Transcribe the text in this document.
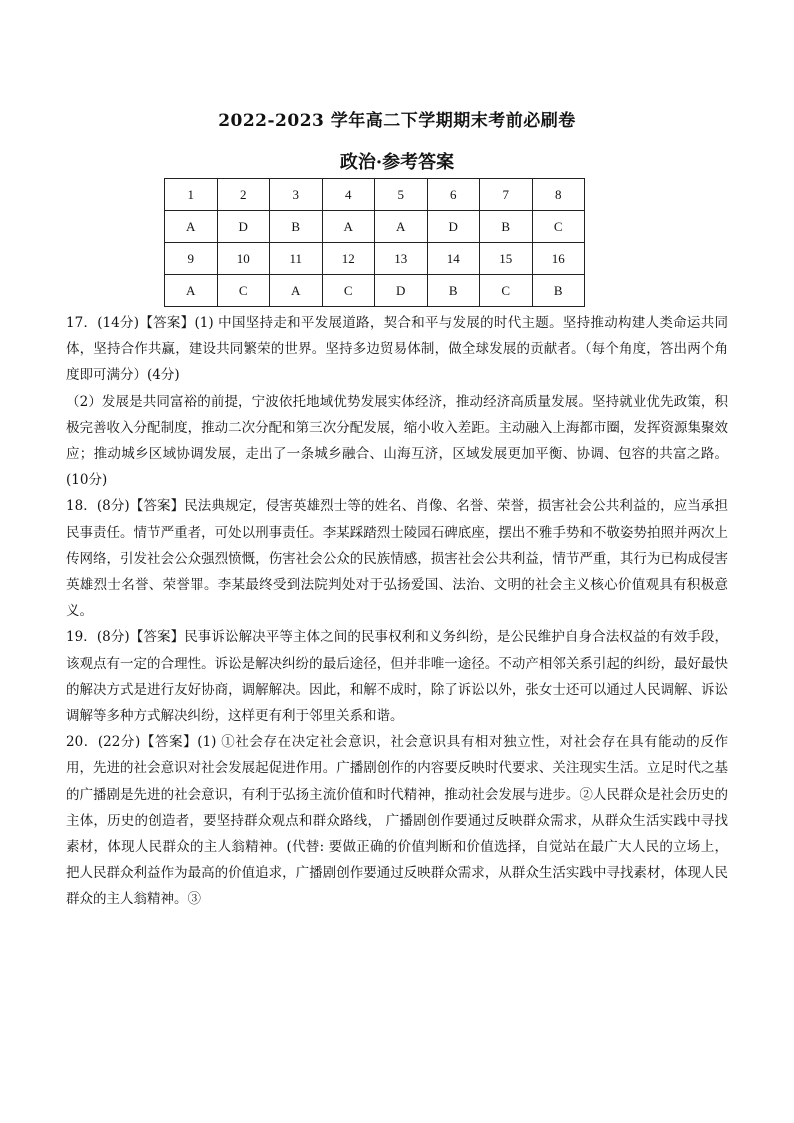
2022-2023 学年高二下学期期末考前必刷卷
政治·参考答案
1	2	3	4	5	6	7	8
A	D	B	A	A	D	B	C
9	10	11	12	13	14	15	16
A	C	A	C	D	B	C	B

17．(14分)【答案】(1) 中国坚持走和平发展道路，契合和平与发展的时代主题。坚持推动构建人类命运共同体，坚持合作共赢，建设共同繁荣的世界。坚持多边贸易体制，做全球发展的贡献者。（每个角度，答出两个角度即可满分）(4分)

（2）发展是共同富裕的前提，宁波依托地域优势发展实体经济，推动经济高质量发展。坚持就业优先政策，积极完善收入分配制度，推动二次分配和第三次分配发展，缩小收入差距。主动融入上海都市圈，发挥资源集聚效应；推动城乡区域协调发展，走出了一条城乡融合、山海互济，区域发展更加平衡、协调、包容的共富之路。(10分)

18．(8分)【答案】民法典规定，侵害英雄烈士等的姓名、肖像、名誉、荣誉，损害社会公共利益的，应当承担民事责任。情节严重者，可处以刑事责任。李某踩踏烈士陵园石碑底座，摆出不雅手势和不敬姿势拍照并两次上传网络，引发社会公众强烈愤慨，伤害社会公众的民族情感，损害社会公共利益，情节严重，其行为已构成侵害英雄烈士名誉、荣誉罪。李某最终受到法院判处对于弘扬爱国、法治、文明的社会主义核心价值观具有积极意义。

19．(8分)【答案】民事诉讼解决平等主体之间的民事权利和义务纠纷，是公民维护自身合法权益的有效手段，该观点有一定的合理性。诉讼是解决纠纷的最后途径，但并非唯一途径。不动产相邻关系引起的纠纷，最好最快的解决方式是进行友好协商，调解解决。因此，和解不成时，除了诉讼以外，张女士还可以通过人民调解、诉讼调解等多种方式解决纠纷，这样更有利于邻里关系和谐。

20．(22分)【答案】(1) ①社会存在决定社会意识，社会意识具有相对独立性，对社会存在具有能动的反作用，先进的社会意识对社会发展起促进作用。广播剧创作的内容要反映时代要求、关注现实生活。立足时代之基的广播剧是先进的社会意识，有利于弘扬主流价值和时代精神，推动社会发展与进步。②人民群众是社会历史的主体，历史的创造者，要坚持群众观点和群众路线， 广播剧创作要通过反映群众需求，从群众生活实践中寻找素材，体现人民群众的主人翁精神。(代替: 要做正确的价值判断和价值选择，自觉站在最广大人民的立场上， 把人民群众利益作为最高的价值追求，广播剧创作要通过反映群众需求，从群众生活实践中寻找素材，体现人民群众的主人翁精神。③
